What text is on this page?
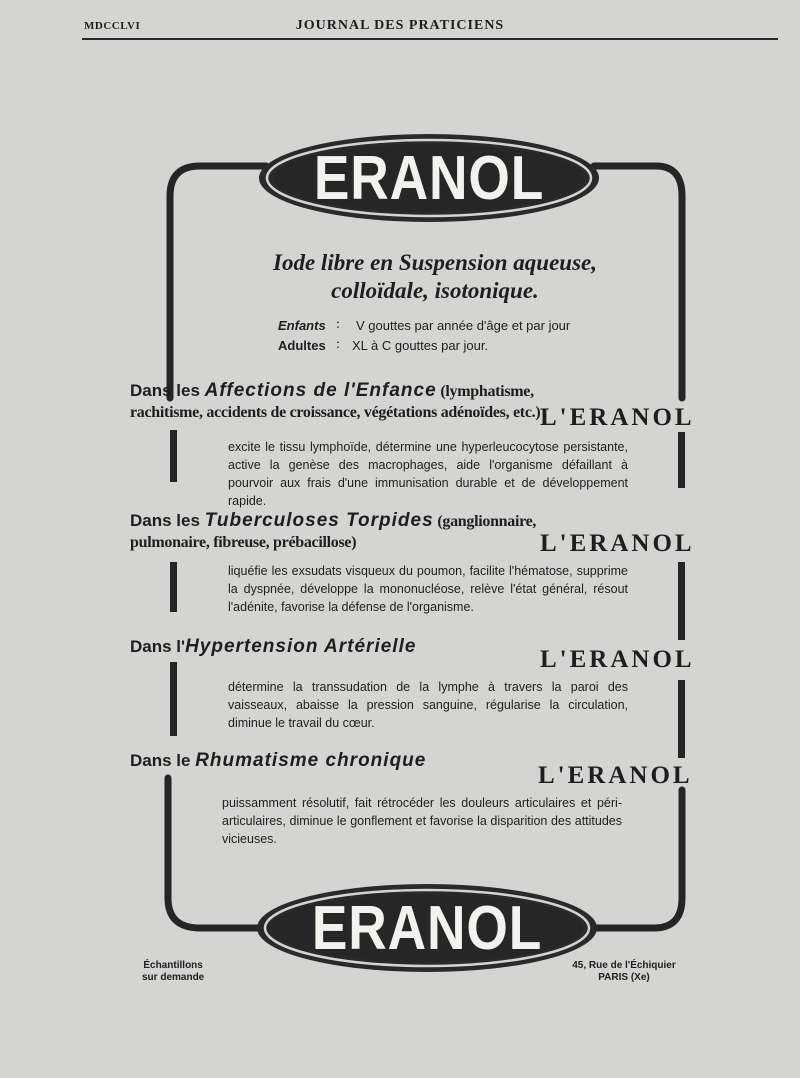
MDCCLVI	JOURNAL DES PRATICIENS
ERANOL
Iode libre en Suspension aqueuse,
colloïdale, isotonique.
Enfants : V gouttes par année d'âge et par jour
Adultes : XL à C gouttes par jour.
Dans les Affections de l'Enfance (lymphatisme,
rachitisme, accidents de croissance, végétations adénoïdes, etc.) L'ERANOL
excite le tissu lymphoïde, détermine une hyperleucocytose persistante, active la genèse des macrophages, aide l'organisme défaillant à pourvoir aux frais d'une immunisation durable et de développement rapide.
Dans les Tuberculoses Torpides (ganglionnaire,
pulmonaire, fibreuse, prébacillose)	L'ERANOL
liquéfie les exsudats visqueux du poumon, facilite l'hématose, supprime la dyspnée, développe la mononucléose, relève l'état général, résout l'adénite, favorise la défense de l'organisme.
Dans l'Hypertension Artérielle	L'ERANOL
détermine la transsudation de la lymphe à travers la paroi des vaisseaux, abaisse la pression sanguine, régularise la circulation, diminue le travail du cœur.
Dans le Rhumatisme chronique
L'ERANOL
puissamment résolutif, fait rétrocéder les douleurs articulaires et péri-articulaires, diminue le gonflement et favorise la disparition des attitudes vicieuses.
ERANOL
Échantillons
sur demande
45, Rue de l'Échiquier
PARIS (Xe)
